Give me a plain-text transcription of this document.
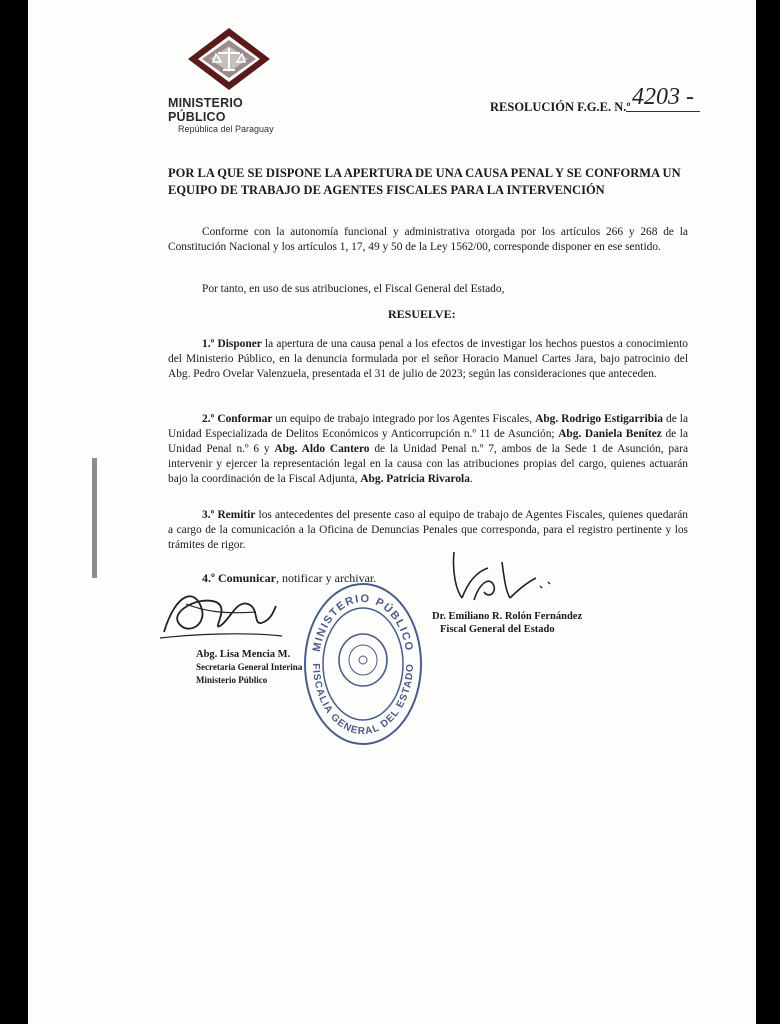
MINISTERIO PÚBLICO
República del Paraguay
RESOLUCIÓN F.G.E. N.º 4203 -
POR LA QUE SE DISPONE LA APERTURA DE UNA CAUSA PENAL Y SE CONFORMA UN EQUIPO DE TRABAJO DE AGENTES FISCALES PARA LA INTERVENCIÓN
Conforme con la autonomía funcional y administrativa otorgada por los artículos 266 y 268 de la Constitución Nacional y los artículos 1, 17, 49 y 50 de la Ley 1562/00, corresponde disponer en ese sentido.
Por tanto, en uso de sus atribuciones, el Fiscal General del Estado,
RESUELVE:
1.º Disponer la apertura de una causa penal a los efectos de investigar los hechos puestos a conocimiento del Ministerio Público, en la denuncia formulada por el señor Horacio Manuel Cartes Jara, bajo patrocinio del Abg. Pedro Ovelar Valenzuela, presentada el 31 de julio de 2023; según las consideraciones que anteceden.
2.º Conformar un equipo de trabajo integrado por los Agentes Fiscales, Abg. Rodrigo Estigarribia de la Unidad Especializada de Delitos Económicos y Anticorrupción n.º 11 de Asunción; Abg. Daniela Benítez de la Unidad Penal n.º 6 y Abg. Aldo Cantero de la Unidad Penal n.º 7, ambos de la Sede 1 de Asunción, para intervenir y ejercer la representación legal en la causa con las atribuciones propias del cargo, quienes actuarán bajo la coordinación de la Fiscal Adjunta, Abg. Patricia Rivarola.
3.º Remitir los antecedentes del presente caso al equipo de trabajo de Agentes Fiscales, quienes quedarán a cargo de la comunicación a la Oficina de Denuncias Penales que corresponda, para el registro pertinente y los trámites de rigor.
4.º Comunicar, notificar y archivar.
Abg. Lisa Mencia M.
Secretaria General Interina
Ministerio Público
Dr. Emiliano R. Rolón Fernández
Fiscal General del Estado
MINISTERIO PÚBLICO
FISCALIA GENERAL DEL ESTADO
